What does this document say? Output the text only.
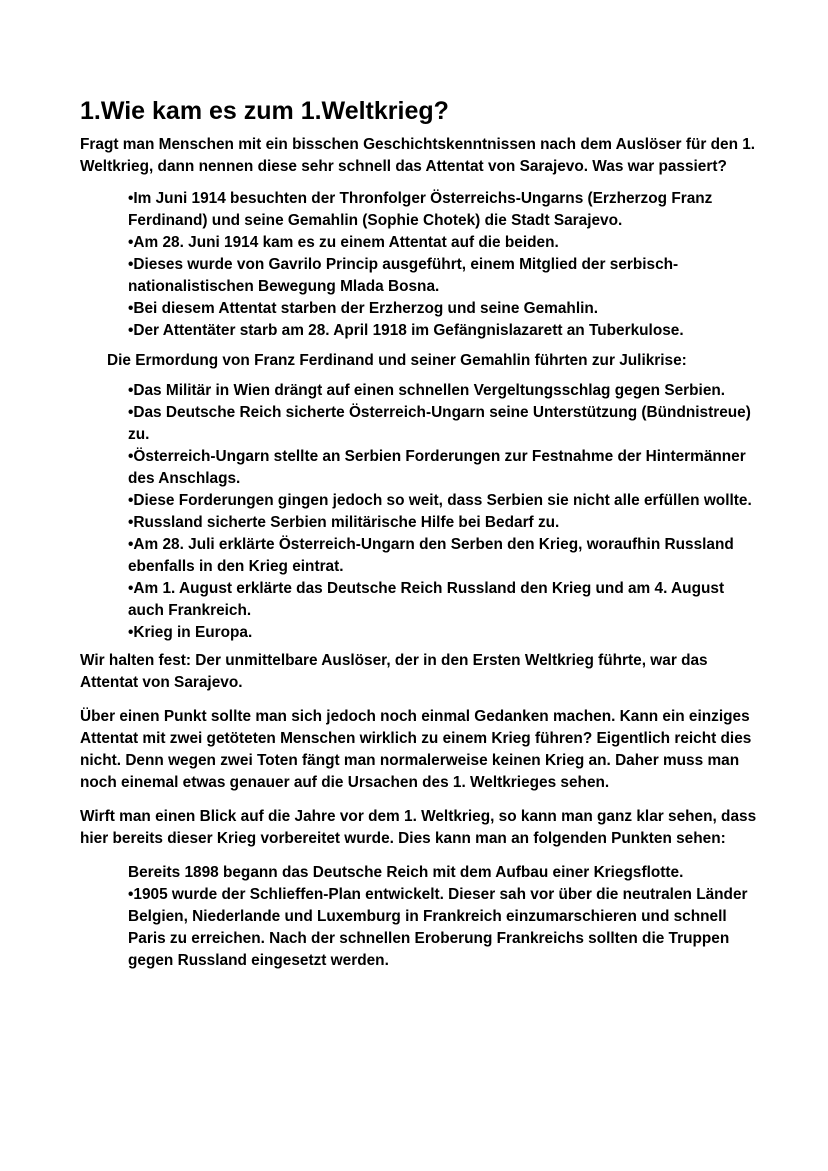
1.Wie kam es zum 1.Weltkrieg?

Fragt man Menschen mit ein bisschen Geschichtskenntnissen nach dem Auslöser für den 1. Weltkrieg, dann nennen diese sehr schnell das Attentat von Sarajevo. Was war passiert?

•Im Juni 1914 besuchten der Thronfolger Österreichs-Ungarns (Erzherzog Franz Ferdinand) und seine Gemahlin (Sophie Chotek) die Stadt Sarajevo.
•Am 28. Juni 1914 kam es zu einem Attentat auf die beiden.
•Dieses wurde von Gavrilo Princip ausgeführt, einem Mitglied der serbisch-nationalistischen Bewegung Mlada Bosna.
•Bei diesem Attentat starben der Erzherzog und seine Gemahlin.
•Der Attentäter starb am 28. April 1918 im Gefängnislazarett an Tuberkulose.

Die Ermordung von Franz Ferdinand und seiner Gemahlin führten zur Julikrise:

•Das Militär in Wien drängt auf einen schnellen Vergeltungsschlag gegen Serbien.
•Das Deutsche Reich sicherte Österreich-Ungarn seine Unterstützung (Bündnistreue) zu.
•Österreich-Ungarn stellte an Serbien Forderungen zur Festnahme der Hintermänner des Anschlags.
•Diese Forderungen gingen jedoch so weit, dass Serbien sie nicht alle erfüllen wollte.
•Russland sicherte Serbien militärische Hilfe bei Bedarf zu.
•Am 28. Juli erklärte Österreich-Ungarn den Serben den Krieg, woraufhin Russland ebenfalls in den Krieg eintrat.
•Am 1. August erklärte das Deutsche Reich Russland den Krieg und am 4. August auch Frankreich.
•Krieg in Europa.

Wir halten fest: Der unmittelbare Auslöser, der in den Ersten Weltkrieg führte, war das Attentat von Sarajevo.

Über einen Punkt sollte man sich jedoch noch einmal Gedanken machen. Kann ein einziges Attentat mit zwei getöteten Menschen wirklich zu einem Krieg führen? Eigentlich reicht dies nicht. Denn wegen zwei Toten fängt man normalerweise keinen Krieg an. Daher muss man noch einemal etwas genauer auf die Ursachen des 1. Weltkrieges sehen.

Wirft man einen Blick auf die Jahre vor dem 1. Weltkrieg, so kann man ganz klar sehen, dass hier bereits dieser Krieg vorbereitet wurde. Dies kann man an folgenden Punkten sehen:

Bereits 1898 begann das Deutsche Reich mit dem Aufbau einer Kriegsflotte.
•1905 wurde der Schlieffen-Plan entwickelt. Dieser sah vor über die neutralen Länder Belgien, Niederlande und Luxemburg in Frankreich einzumarschieren und schnell Paris zu erreichen. Nach der schnellen Eroberung Frankreichs sollten die Truppen gegen Russland eingesetzt werden.
